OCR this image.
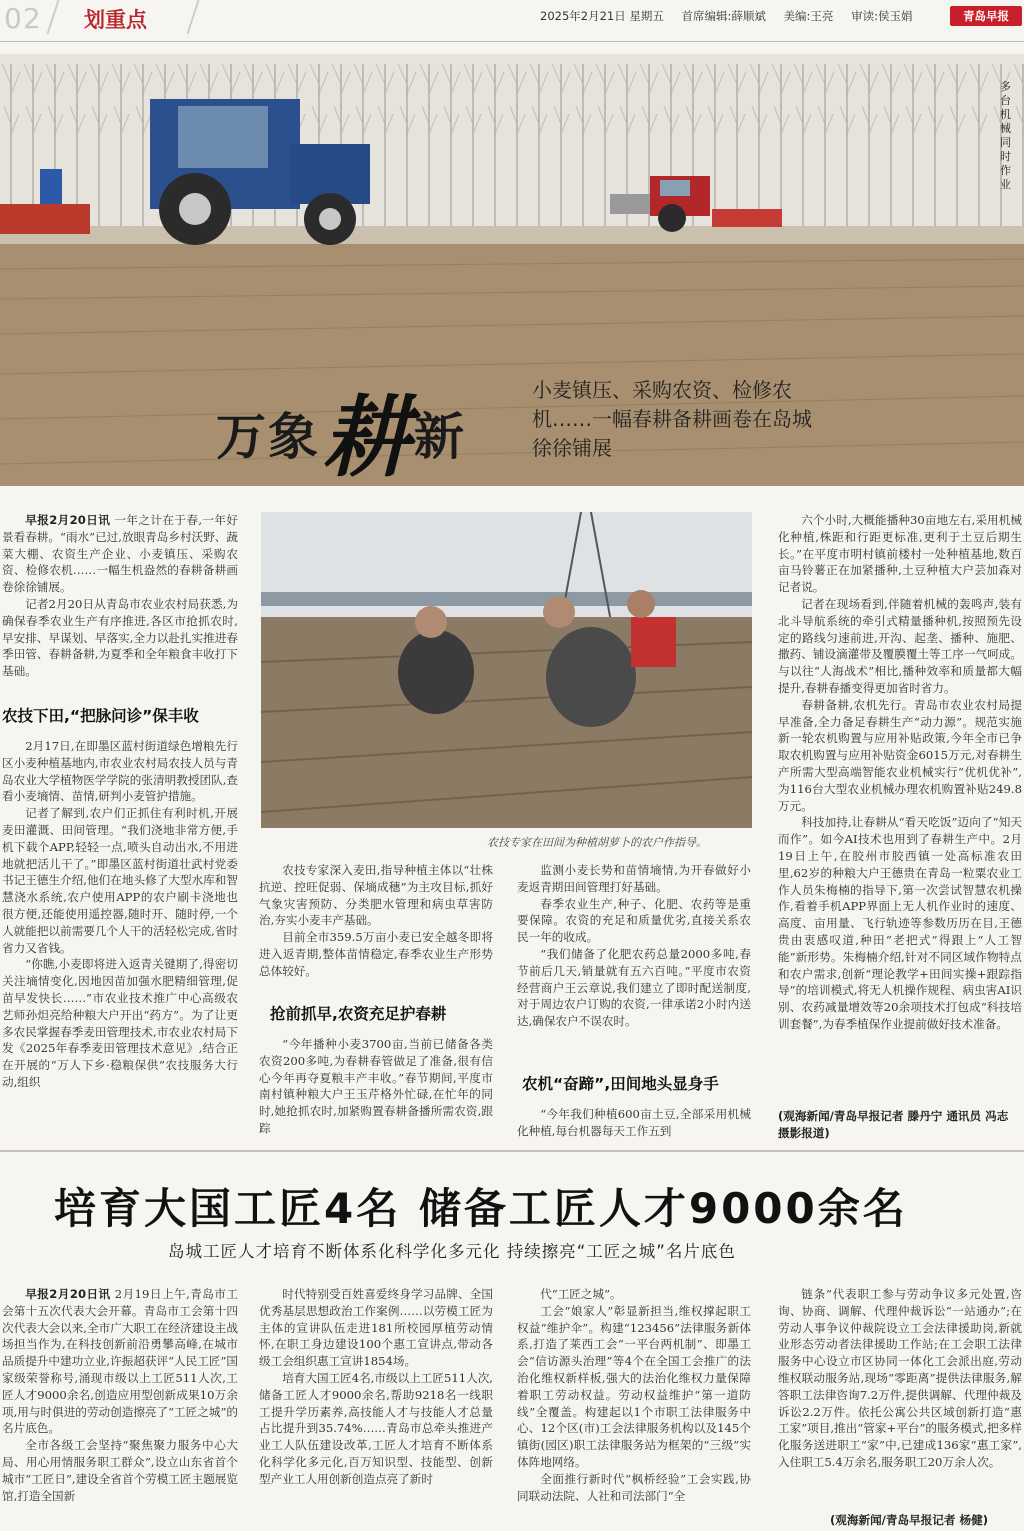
02 划重点	2025年2月21日 星期五 首席编辑:薛顺斌 美编:王亮 审读:侯玉娟	青岛早报
多台机械同时作业
万象耕新
小麦镇压、采购农资、检修农机……一幅春耕备耕画卷在岛城徐徐铺展

早报2月20日讯 一年之计在于春,一年好景看春耕。“雨水”已过,放眼青岛乡村沃野、蔬菜大棚、农资生产企业、小麦镇压、采购农资、检修农机……一幅生机盎然的春耕备耕画卷徐徐铺展。

记者2月20日从青岛市农业农村局获悉,为确保春季农业生产有序推进,各区市抢抓农时,早安排、早谋划、早落实,全力以赴扎实推进春季田管、春耕备耕,为夏季和全年粮食丰收打下基础。

农技下田,“把脉问诊”保丰收

2月17日,在即墨区蓝村街道绿色增粮先行区小麦种植基地内,市农业农村局农技人员与青岛农业大学植物医学学院的张清明教授团队,查看小麦墒情、苗情,研判小麦管护措施。

记者了解到,农户们正抓住有利时机,开展麦田灌溉、田间管理。“我们浇地非常方便,手机下载个APP,轻轻一点,喷头自动出水,不用进地就把活儿干了。”即墨区蓝村街道壮武村党委书记王德生介绍,他们在地头修了大型水库和智慧浇水系统,农户使用APP的农户刷卡浇地也很方便,还能使用遥控器,随时开、随时停,一个人就能把以前需要几个人干的活轻松完成,省时省力又省钱。

“你瞧,小麦即将进入返青关键期了,得密切关注墒情变化,因地因苗加强水肥精细管理,促苗早发快长……”市农业技术推广中心高级农艺师孙炟亮给种粮大户开出“药方”。为了让更多农民掌握春季麦田管理技术,市农业农村局下发《2025年春季麦田管理技术意见》,结合正在开展的“万人下乡·稳粮保供”农技服务大行动,组织

农技专家在田间为种植胡萝卜的农户作指导。

农技专家深入麦田,指导种植主体以“壮株抗逆、控旺促弱、保墒成穗”为主攻目标,抓好气象灾害预防、分类肥水管理和病虫草害防治,夯实小麦丰产基础。

目前全市359.5万亩小麦已安全越冬即将进入返青期,整体苗情稳定,春季农业生产形势总体较好。

抢前抓早,农资充足护春耕

“今年播种小麦3700亩,当前已储备各类农资200多吨,为春耕春管做足了准备,很有信心今年再夺夏粮丰产丰收。”春节期间,平度市南村镇种粮大户王玉芹格外忙碌,在忙年的同时,她抢抓农时,加紧购置春耕备播所需农资,跟踪

监测小麦长势和苗情墒情,为开春做好小麦返青期田间管理打好基础。

春季农业生产,种子、化肥、农药等是重要保障。农资的充足和质量优劣,直接关系农民一年的收成。

“我们储备了化肥农药总量2000多吨,春节前后几天,销量就有五六百吨。”平度市农资经营商户王云章说,我们建立了即时配送制度,对于周边农户订购的农资,一律承诺2小时内送达,确保农户不误农时。

农机“奋蹄”,田间地头显身手

“今年我们种植600亩土豆,全部采用机械化种植,每台机器每天工作五到

六个小时,大概能播种30亩地左右,采用机械化种植,株距和行距更标准,更利于土豆后期生长。”在平度市明村镇前楼村一处种植基地,数百亩马铃薯正在加紧播种,土豆种植大户芸加森对记者说。

记者在现场看到,伴随着机械的轰鸣声,装有北斗导航系统的牵引式精量播种机,按照预先设定的路线匀速前进,开沟、起垄、播种、施肥、撒药、铺设滴灌带及覆膜覆土等工序一气呵成。与以往“人海战术”相比,播种效率和质量都大幅提升,春耕春播变得更加省时省力。

春耕备耕,农机先行。青岛市农业农村局提早准备,全力备足春耕生产“动力源”。规范实施新一轮农机购置与应用补贴政策,今年全市已争取农机购置与应用补贴资金6015万元,对春耕生产所需大型高端智能农业机械实行“优机优补”,为116台大型农业机械办理农机购置补贴249.8万元。

科技加持,让春耕从“看天吃饭”迈向了“知天而作”。如今AI技术也用到了春耕生产中。2月19日上午,在胶州市胶西镇一处高标准农田里,62岁的种粮大户王德贵在青岛一粒粟农业工作人员朱梅楠的指导下,第一次尝试智慧农机操作,看着手机APP界面上无人机作业时的速度、高度、亩用量、飞行轨迹等参数历历在目,王德贵由衷感叹道,种田“老把式”得跟上“人工智能”新形势。朱梅楠介绍,针对不同区域作物特点和农户需求,创新“理论教学+田间实操+跟踪指导”的培训模式,将无人机操作规程、病虫害AI识别、农药减量增效等20余项技术打包成“科技培训套餐”,为春季植保作业提前做好技术准备。

(观海新闻/青岛早报记者 滕丹宁 通讯员 冯志 摄影报道)
培育大国工匠4名 储备工匠人才9000余名
岛城工匠人才培育不断体系化科学化多元化 持续擦亮“工匠之城”名片底色

早报2月20日讯 2月19日上午,青岛市工会第十五次代表大会开幕。青岛市工会第十四次代表大会以来,全市广大职工在经济建设主战场担当作为,在科技创新前沿勇攀高峰,在城市品质提升中建功立业,许振超获评“人民工匠”国家级荣誉称号,涌现市级以上工匠511人次,工匠人才9000余名,创造应用型创新成果10万余项,用与时俱进的劳动创造擦亮了“工匠之城”的名片底色。

全市各级工会坚持“聚焦聚力服务中心大局、用心用情服务职工群众”,设立山东省首个城市“工匠日”,建设全省首个劳模工匠主题展览馆,打造全国新

时代特别受百姓喜爱终身学习品牌、全国优秀基层思想政治工作案例……以劳模工匠为主体的宣讲队伍走进181所校园厚植劳动情怀,在职工身边建设100个惠工宣讲点,带动各级工会组织惠工宣讲1854场。

培育大国工匠4名,市级以上工匠511人次,储备工匠人才9000余名,帮助9218名一线职工提升学历素养,高技能人才与技能人才总量占比提升到35.74%……青岛市总牵头推进产业工人队伍建设改革,工匠人才培育不断体系化科学化多元化,百万知识型、技能型、创新型产业工人用创新创造点亮了新时

代“工匠之城”。

工会“娘家人”彰显新担当,维权撑起职工权益“维护伞”。构建“123456”法律服务新体系,打造了莱西工会“一平台两机制”、即墨工会“信访源头治理”等4个在全国工会推广的法治化维权新样板,强大的法治化维权力量保障着职工劳动权益。劳动权益维护“第一道防线”全覆盖。构建起以1个市职工法律服务中心、12个区(市)工会法律服务机构以及145个镇街(园区)职工法律服务站为框架的“三级”实体阵地网络。

全面推行新时代“枫桥经验”工会实践,协同联动法院、人社和司法部门“全

链条”代表职工参与劳动争议多元处置,咨询、协商、调解、代理仲裁诉讼“一站通办”;在劳动人事争议仲裁院设立工会法律援助岗,新就业形态劳动者法律援助工作站;在工会职工法律服务中心设立市区协同一体化工会派出庭,劳动维权联动服务站,现场“零距离”提供法律服务,解答职工法律咨询7.2万件,提供调解、代理仲裁及诉讼2.2万件。依托公寓公共区域创新打造“惠工家”项目,推出“管家+平台”的服务模式,把多样化服务送进职工“家”中,已建成136家“惠工家”,入住职工5.4万余名,服务职工20万余人次。

(观海新闻/青岛早报记者 杨健)
